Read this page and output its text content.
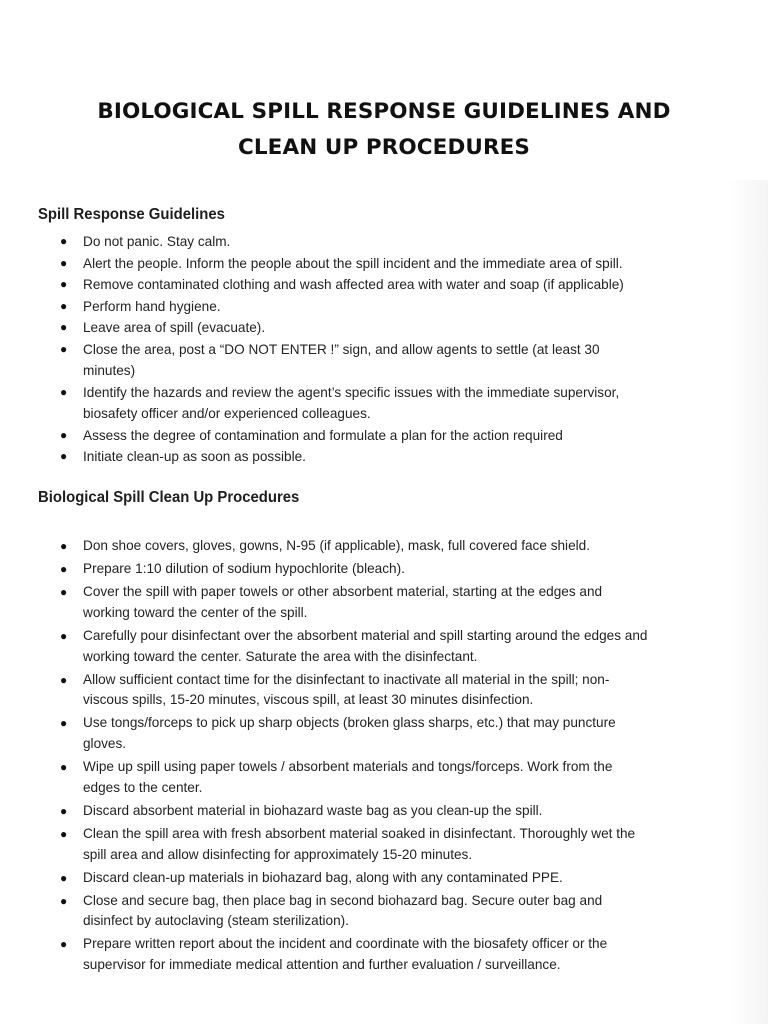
BIOLOGICAL SPILL RESPONSE GUIDELINES AND
CLEAN UP PROCEDURES
Spill Response Guidelines
● Do not panic. Stay calm.
● Alert the people. Inform the people about the spill incident and the immediate area of spill.
● Remove contaminated clothing and wash affected area with water and soap (if applicable)
● Perform hand hygiene.
● Leave area of spill (evacuate).
● Close the area, post a “DO NOT ENTER !” sign, and allow agents to settle (at least 30 minutes)
● Identify the hazards and review the agent’s specific issues with the immediate supervisor, biosafety officer and/or experienced colleagues.
● Assess the degree of contamination and formulate a plan for the action required
● Initiate clean-up as soon as possible.
Biological Spill Clean Up Procedures
● Don shoe covers, gloves, gowns, N-95 (if applicable), mask, full covered face shield.
● Prepare 1:10 dilution of sodium hypochlorite (bleach).
● Cover the spill with paper towels or other absorbent material, starting at the edges and working toward the center of the spill.
● Carefully pour disinfectant over the absorbent material and spill starting around the edges and working toward the center. Saturate the area with the disinfectant.
● Allow sufficient contact time for the disinfectant to inactivate all material in the spill; non-viscous spills, 15-20 minutes, viscous spill, at least 30 minutes disinfection.
● Use tongs/forceps to pick up sharp objects (broken glass sharps, etc.) that may puncture gloves.
● Wipe up spill using paper towels / absorbent materials and tongs/forceps. Work from the edges to the center.
● Discard absorbent material in biohazard waste bag as you clean-up the spill.
● Clean the spill area with fresh absorbent material soaked in disinfectant. Thoroughly wet the spill area and allow disinfecting for approximately 15-20 minutes.
● Discard clean-up materials in biohazard bag, along with any contaminated PPE.
● Close and secure bag, then place bag in second biohazard bag. Secure outer bag and disinfect by autoclaving (steam sterilization).
● Prepare written report about the incident and coordinate with the biosafety officer or the supervisor for immediate medical attention and further evaluation / surveillance.
